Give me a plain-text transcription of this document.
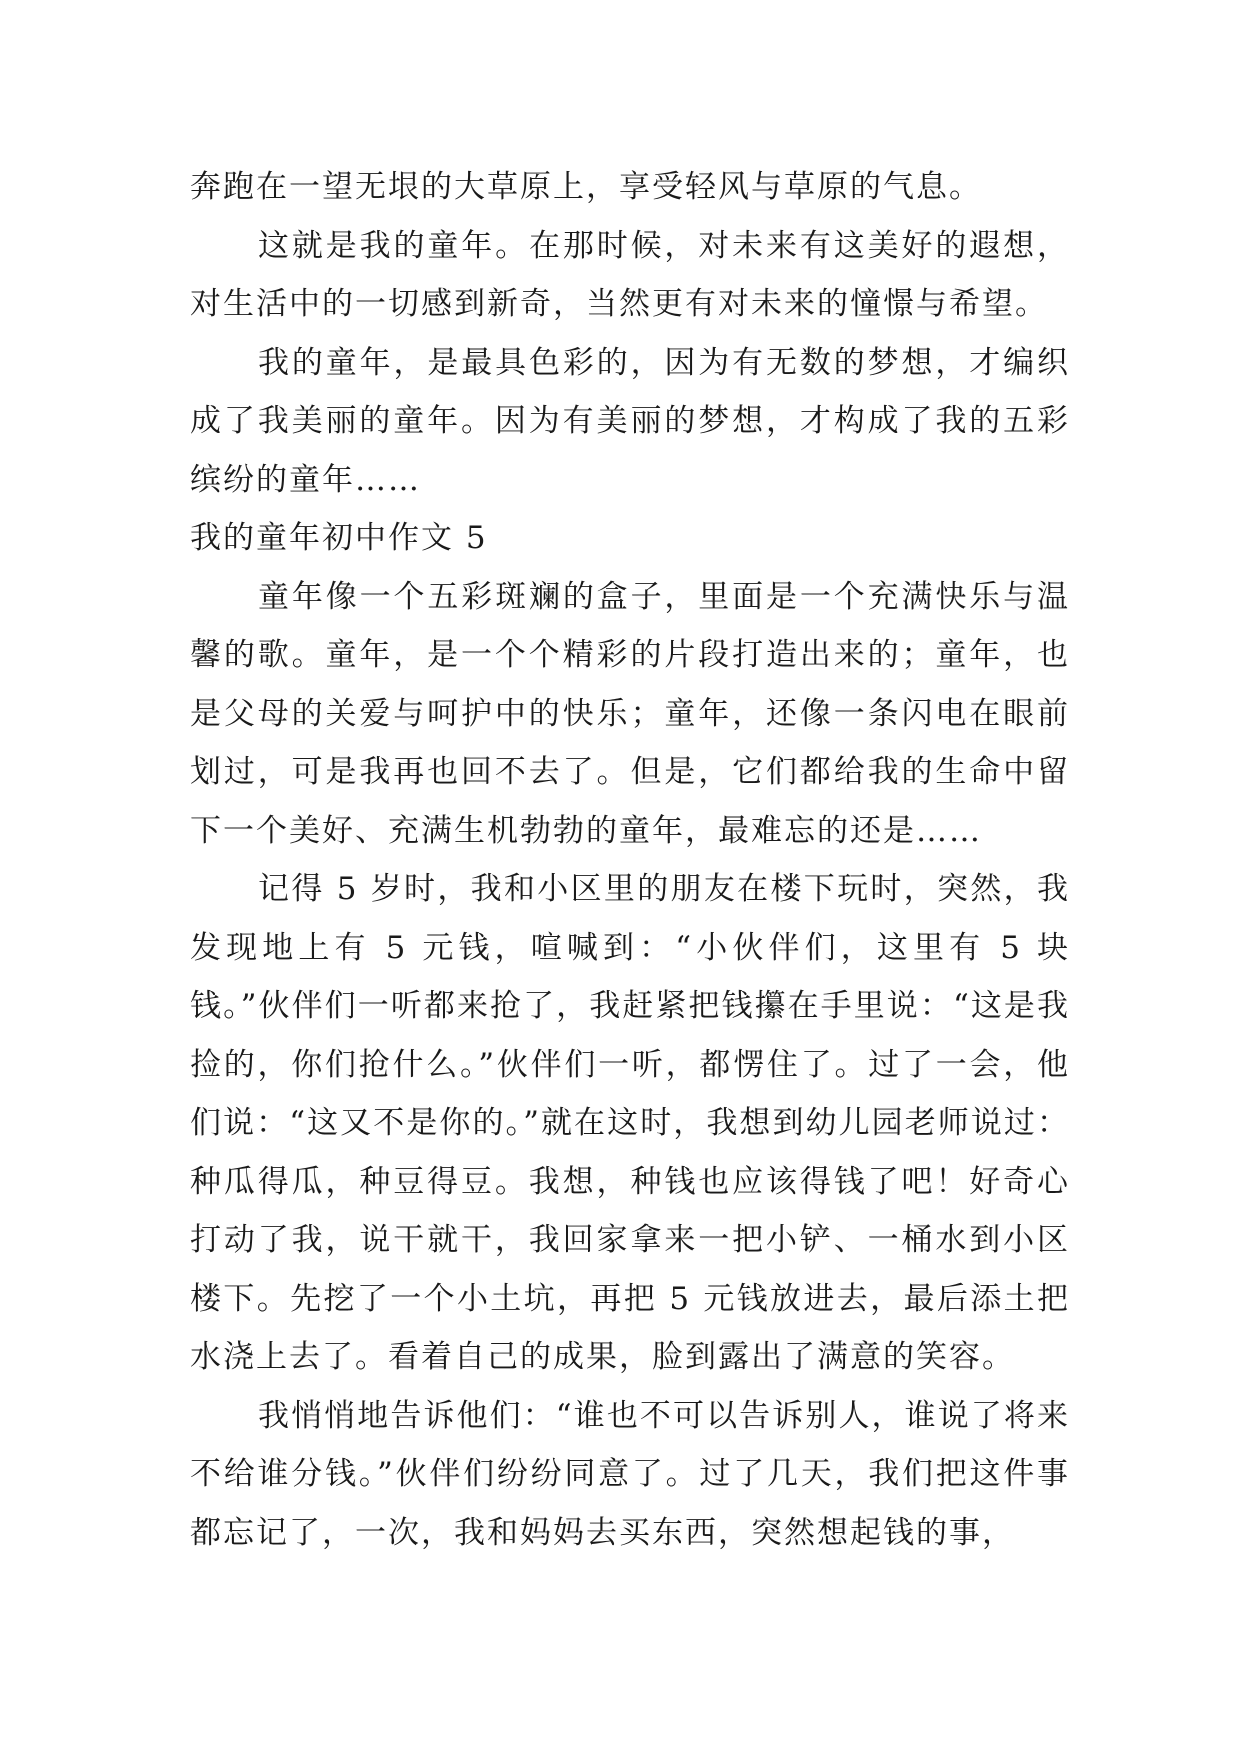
奔跑在一望无垠的大草原上，享受轻风与草原的气息。

这就是我的童年。在那时候，对未来有这美好的遐想，对生活中的一切感到新奇，当然更有对未来的憧憬与希望。

我的童年，是最具色彩的，因为有无数的梦想，才编织成了我美丽的童年。因为有美丽的梦想，才构成了我的五彩缤纷的童年……

我的童年初中作文 5

童年像一个五彩斑斓的盒子，里面是一个充满快乐与温馨的歌。童年，是一个个精彩的片段打造出来的；童年，也是父母的关爱与呵护中的快乐；童年，还像一条闪电在眼前划过，可是我再也回不去了。但是，它们都给我的生命中留下一个美好、充满生机勃勃的童年，最难忘的还是……

记得 5 岁时，我和小区里的朋友在楼下玩时，突然，我发现地上有 5 元钱，喧喊到：“小伙伴们，这里有 5 块钱。”伙伴们一听都来抢了，我赶紧把钱攥在手里说：“这是我捡的，你们抢什么。”伙伴们一听，都愣住了。过了一会，他们说：“这又不是你的。”就在这时，我想到幼儿园老师说过：种瓜得瓜，种豆得豆。我想，种钱也应该得钱了吧！好奇心打动了我，说干就干，我回家拿来一把小铲、一桶水到小区楼下。先挖了一个小土坑，再把 5 元钱放进去，最后添土把水浇上去了。看着自己的成果，脸到露出了满意的笑容。

我悄悄地告诉他们：“谁也不可以告诉别人，谁说了将来不给谁分钱。”伙伴们纷纷同意了。过了几天，我们把这件事都忘记了，一次，我和妈妈去买东西，突然想起钱的事，
